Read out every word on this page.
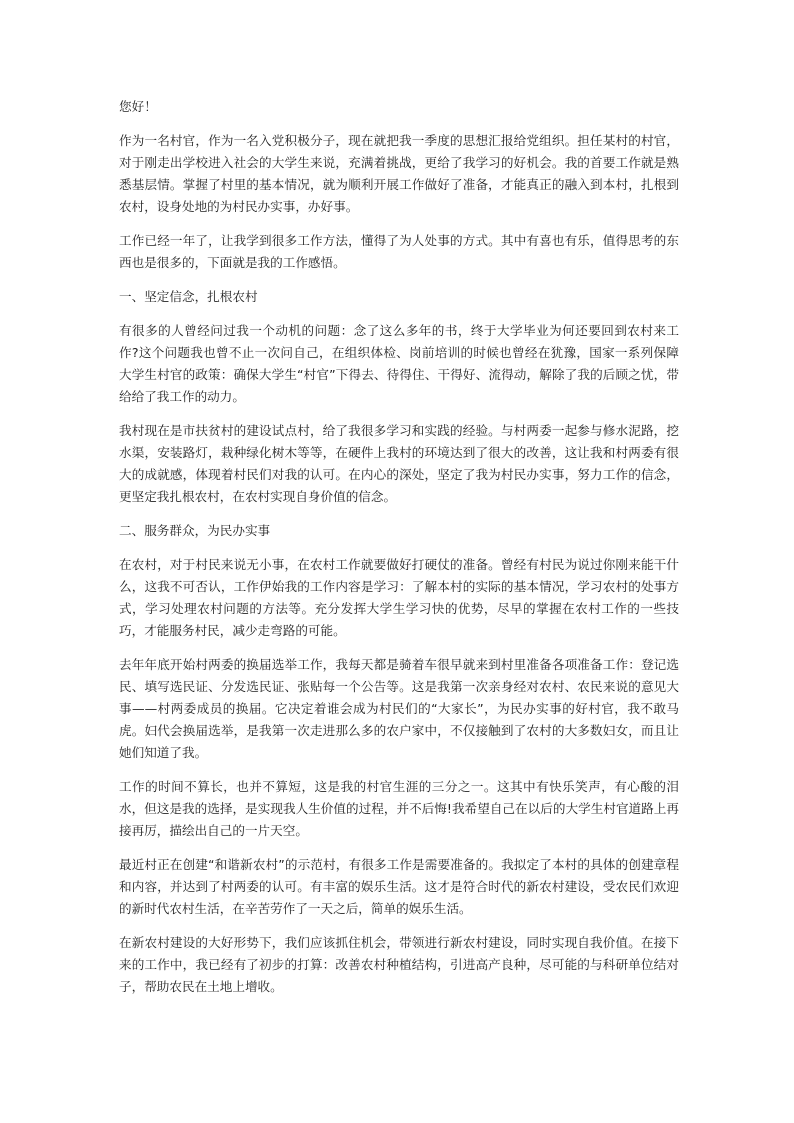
您好！

作为一名村官，作为一名入党积极分子，现在就把我一季度的思想汇报给党组织。担任某村的村官，对于刚走出学校进入社会的大学生来说，充满着挑战，更给了我学习的好机会。我的首要工作就是熟悉基层情。掌握了村里的基本情况，就为顺利开展工作做好了准备，才能真正的融入到本村，扎根到农村，设身处地的为村民办实事，办好事。

工作已经一年了，让我学到很多工作方法，懂得了为人处事的方式。其中有喜也有乐，值得思考的东西也是很多的，下面就是我的工作感悟。

一、坚定信念，扎根农村

有很多的人曾经问过我一个动机的问题：念了这么多年的书，终于大学毕业为何还要回到农村来工作?这个问题我也曾不止一次问自己，在组织体检、岗前培训的时候也曾经在犹豫，国家一系列保障大学生村官的政策：确保大学生“村官”下得去、待得住、干得好、流得动，解除了我的后顾之忧，带给给了我工作的动力。

我村现在是市扶贫村的建设试点村，给了我很多学习和实践的经验。与村两委一起参与修水泥路，挖水渠，安装路灯，栽种绿化树木等等，在硬件上我村的环境达到了很大的改善，这让我和村两委有很大的成就感，体现着村民们对我的认可。在内心的深处，坚定了我为村民办实事，努力工作的信念，更坚定我扎根农村，在农村实现自身价值的信念。

二、服务群众，为民办实事

在农村，对于村民来说无小事，在农村工作就要做好打硬仗的准备。曾经有村民为说过你刚来能干什么，这我不可否认，工作伊始我的工作内容是学习：了解本村的实际的基本情况，学习农村的处事方式，学习处理农村问题的方法等。充分发挥大学生学习快的优势，尽早的掌握在农村工作的一些技巧，才能服务村民，减少走弯路的可能。

去年年底开始村两委的换届选举工作，我每天都是骑着车很早就来到村里准备各项准备工作：登记选民、填写选民证、分发选民证、张贴每一个公告等。这是我第一次亲身经对农村、农民来说的意见大事——村两委成员的换届。它决定着谁会成为村民们的“大家长”，为民办实事的好村官，我不敢马虎。妇代会换届选举，是我第一次走进那么多的农户家中，不仅接触到了农村的大多数妇女，而且让她们知道了我。

工作的时间不算长，也并不算短，这是我的村官生涯的三分之一。这其中有快乐笑声，有心酸的泪水，但这是我的选择，是实现我人生价值的过程，并不后悔!我希望自己在以后的大学生村官道路上再接再厉，描绘出自己的一片天空。

最近村正在创建“和谐新农村”的示范村，有很多工作是需要准备的。我拟定了本村的具体的创建章程和内容，并达到了村两委的认可。有丰富的娱乐生活。这才是符合时代的新农村建设，受农民们欢迎的新时代农村生活，在辛苦劳作了一天之后，简单的娱乐生活。

在新农村建设的大好形势下，我们应该抓住机会，带领进行新农村建设，同时实现自我价值。在接下来的工作中，我已经有了初步的打算：改善农村种植结构，引进高产良种，尽可能的与科研单位结对子，帮助农民在土地上增收。
